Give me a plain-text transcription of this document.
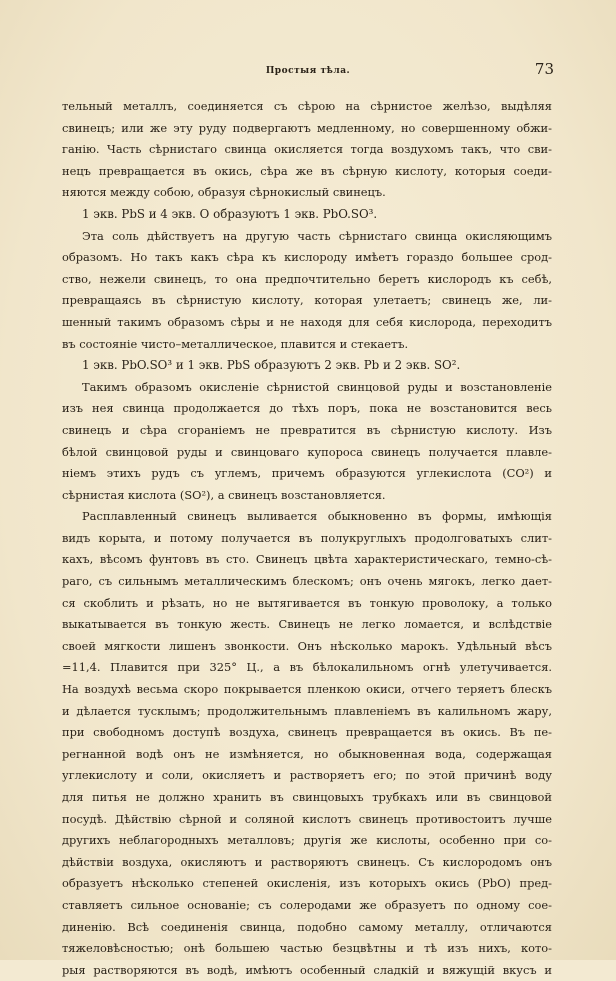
Простыя тѣла.	73
тельный металлъ, соединяется съ сѣрою на сѣрнистое желѣзо, выдѣляя
свинецъ; или же эту руду подвергаютъ медленному, но совершенному обжи-
ганію. Часть сѣрнистаго свинца окисляется тогда воздухомъ такъ, что сви-
нецъ превращается въ окись, сѣра же въ сѣрную кислоту, которыя соеди-
няются между собою, образуя сѣрнокислый свинецъ.
1 экв. PbS и 4 экв. O образуютъ 1 экв. PbO.SO³.
Эта соль дѣйствуетъ на другую часть сѣрнистаго свинца окисляющимъ
образомъ. Но такъ какъ сѣра къ кислороду имѣетъ гораздо большее срод-
ство, нежели свинецъ, то она предпочтительно беретъ кислородъ къ себѣ,
превращаясь въ сѣрнистую кислоту, которая улетаетъ; свинецъ же, ли-
шенный такимъ образомъ сѣры и не находя для себя кислорода, переходитъ
въ состояніе чисто–металлическое, плавится и стекаетъ.
1 экв. PbO.SO³ и 1 экв. PbS образуютъ 2 экв. Pb и 2 экв. SO².
Такимъ образомъ окисленіе сѣрнистой свинцовой руды и возстановленіе
изъ нея свинца продолжается до тѣхъ поръ, пока не возстановится весь
свинецъ и сѣра сгораніемъ не превратится въ сѣрнистую кислоту. Изъ
бѣлой свинцовой руды и свинцоваго купороса свинецъ получается плавле-
ніемъ этихъ рудъ съ углемъ, причемъ образуются углекислота (CO²) и
сѣрнистая кислота (SO²), а свинецъ возстановляется.
Расплавленный свинецъ выливается обыкновенно въ формы, имѣющія
видъ корыта, и потому получается въ полукруглыхъ продолговатыхъ слит-
кахъ, вѣсомъ фунтовъ въ сто. Свинецъ цвѣта характеристическаго, темно-сѣ-
раго, съ сильнымъ металлическимъ блескомъ; онъ очень мягокъ, легко дает-
ся скоблить и рѣзать, но не вытягивается въ тонкую проволоку, а только
выкатывается въ тонкую жесть. Свинецъ не легко ломается, и вслѣдствіе
своей мягкости лишенъ звонкости. Онъ нѣсколько марокъ. Удѣльный вѣсъ
=11,4. Плавится при 325° Ц., а въ бѣлокалильномъ огнѣ улетучивается.
На воздухѣ весьма скоро покрывается пленкою окиси, отчего теряетъ блескъ
и дѣлается тусклымъ; продолжительнымъ плавленіемъ въ калильномъ жару,
при свободномъ доступѣ воздуха, свинецъ превращается въ окись. Въ пе-
регнанной водѣ онъ не измѣняется, но обыкновенная вода, содержащая
углекислоту и соли, окисляетъ и растворяетъ его; по этой причинѣ воду
для питья не должно хранить въ свинцовыхъ трубкахъ или въ свинцовой
посудѣ. Дѣйствію сѣрной и соляной кислотъ свинецъ противостоитъ лучше
другихъ неблагородныхъ металловъ; другія же кислоты, особенно при со-
дѣйствіи воздуха, окисляютъ и растворяютъ свинецъ. Съ кислородомъ онъ
образуетъ нѣсколько степеней окисленія, изъ которыхъ окись (PbO) пред-
ставляетъ сильное основаніе; съ солеродами же образуетъ по одному сое-
диненію. Всѣ соединенія свинца, подобно самому металлу, отличаются
тяжеловѣсностью; онѣ большею частью безцвѣтны и тѣ изъ нихъ, кото-
рыя растворяются въ водѣ, имѣютъ особенный сладкій и вяжущій вкусъ и
